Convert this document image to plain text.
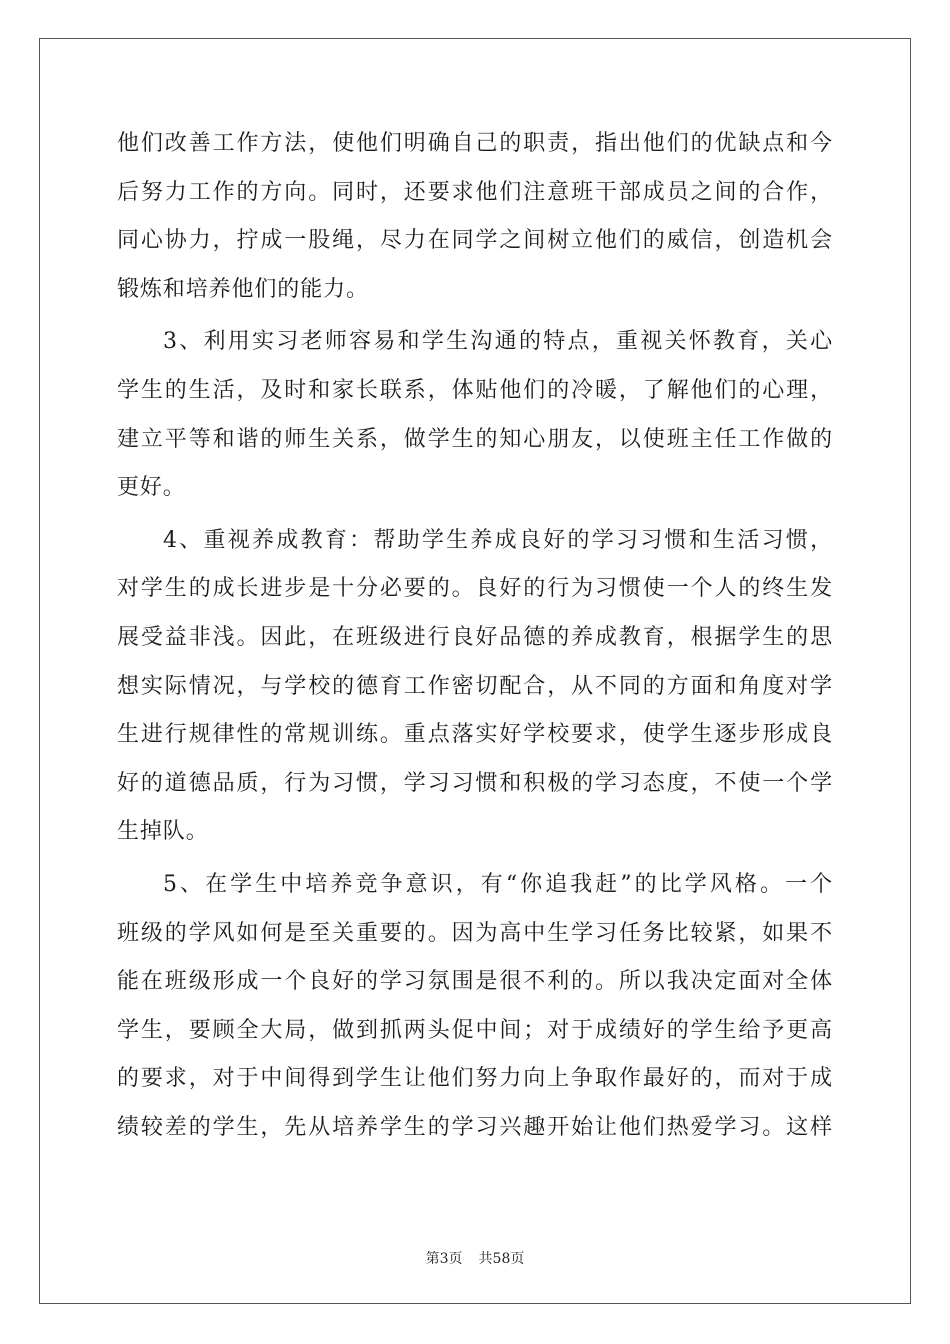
他们改善工作方法，使他们明确自己的职责，指出他们的优缺点和今
后努力工作的方向。同时，还要求他们注意班干部成员之间的合作，
同心协力，拧成一股绳，尽力在同学之间树立他们的威信，创造机会
锻炼和培养他们的能力。
3、利用实习老师容易和学生沟通的特点，重视关怀教育，关心
学生的生活，及时和家长联系，体贴他们的冷暖，了解他们的心理，
建立平等和谐的师生关系，做学生的知心朋友，以使班主任工作做的
更好。
4、重视养成教育：帮助学生养成良好的学习习惯和生活习惯，
对学生的成长进步是十分必要的。良好的行为习惯使一个人的终生发
展受益非浅。因此，在班级进行良好品德的养成教育，根据学生的思
想实际情况，与学校的德育工作密切配合，从不同的方面和角度对学
生进行规律性的常规训练。重点落实好学校要求，使学生逐步形成良
好的道德品质，行为习惯，学习习惯和积极的学习态度，不使一个学
生掉队。
5、在学生中培养竞争意识，有“你追我赶”的比学风格。一个
班级的学风如何是至关重要的。因为高中生学习任务比较紧，如果不
能在班级形成一个良好的学习氛围是很不利的。所以我决定面对全体
学生，要顾全大局，做到抓两头促中间；对于成绩好的学生给予更高
的要求，对于中间得到学生让他们努力向上争取作最好的，而对于成
绩较差的学生，先从培养学生的学习兴趣开始让他们热爱学习。这样
第3页 共58页
